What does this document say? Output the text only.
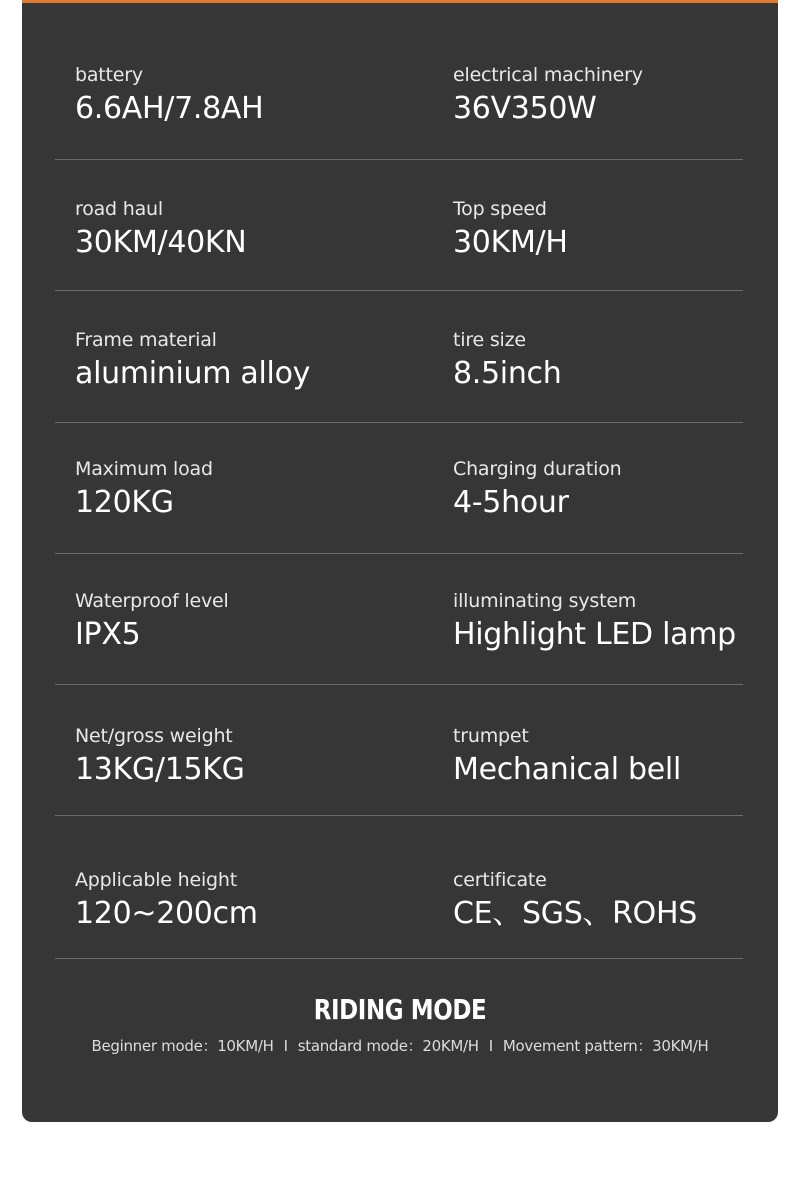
battery
6.6AH/7.8AH
electrical machinery
36V350W
road haul
30KM/40KN
Top speed
30KM/H
Frame material
aluminium alloy
tire size
8.5inch
Maximum load
120KG
Charging duration
4-5hour
Waterproof level
IPX5
illuminating system
Highlight LED lamp
Net/gross weight
13KG/15KG
trumpet
Mechanical bell
Applicable height
120~200cm
certificate
CE、SGS、ROHS
RIDING MODE
Beginner mode：10KM/H I standard mode：20KM/H I Movement pattern：30KM/H
